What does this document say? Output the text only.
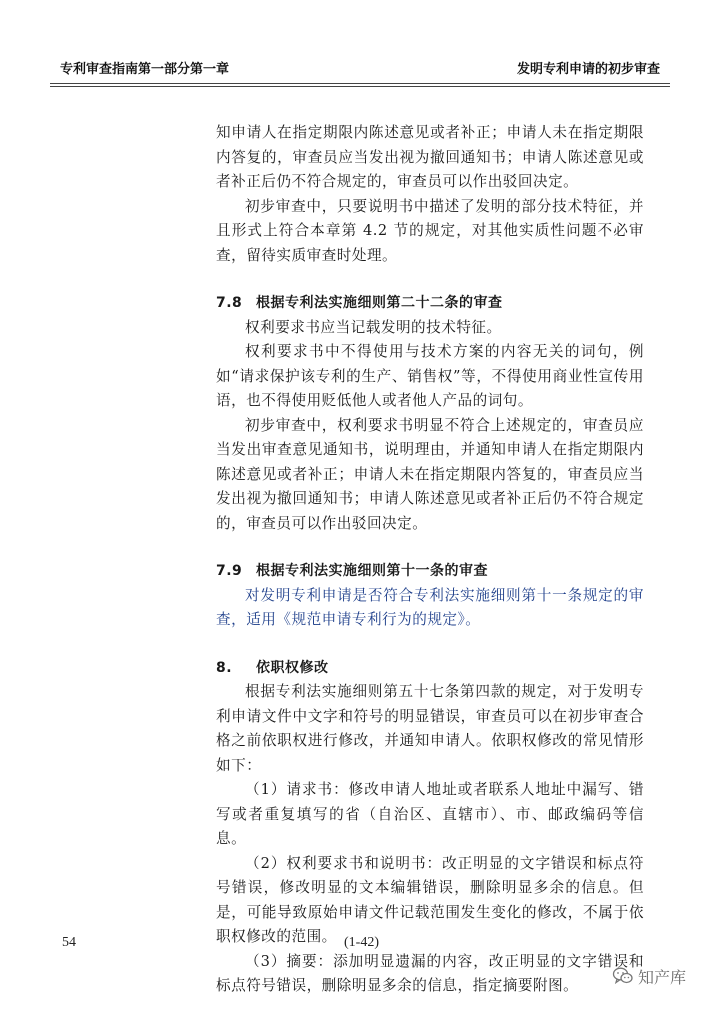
专利审查指南第一部分第一章	发明专利申请的初步审查

知申请人在指定期限内陈述意见或者补正；申请人未在指定期限内答复的，审查员应当发出视为撤回通知书；申请人陈述意见或者补正后仍不符合规定的，审查员可以作出驳回决定。

初步审查中，只要说明书中描述了发明的部分技术特征，并且形式上符合本章第 4.2 节的规定，对其他实质性问题不必审查，留待实质审查时处理。

7.8 根据专利法实施细则第二十二条的审查

权利要求书应当记载发明的技术特征。

权利要求书中不得使用与技术方案的内容无关的词句，例如“请求保护该专利的生产、销售权”等，不得使用商业性宣传用语，也不得使用贬低他人或者他人产品的词句。

初步审查中，权利要求书明显不符合上述规定的，审查员应当发出审查意见通知书，说明理由，并通知申请人在指定期限内陈述意见或者补正；申请人未在指定期限内答复的，审查员应当发出视为撤回通知书；申请人陈述意见或者补正后仍不符合规定的，审查员可以作出驳回决定。

7.9 根据专利法实施细则第十一条的审查

对发明专利申请是否符合专利法实施细则第十一条规定的审查，适用《规范申请专利行为的规定》。

8. 依职权修改

根据专利法实施细则第五十七条第四款的规定，对于发明专利申请文件中文字和符号的明显错误，审查员可以在初步审查合格之前依职权进行修改，并通知申请人。依职权修改的常见情形如下：

（1）请求书：修改申请人地址或者联系人地址中漏写、错写或者重复填写的省（自治区、直辖市）、市、邮政编码等信息。

（2）权利要求书和说明书：改正明显的文字错误和标点符号错误，修改明显的文本编辑错误，删除明显多余的信息。但是，可能导致原始申请文件记载范围发生变化的修改，不属于依职权修改的范围。

（3）摘要：添加明显遗漏的内容，改正明显的文字错误和标点符号错误，删除明显多余的信息，指定摘要附图。

54	(1-42)
知产库
